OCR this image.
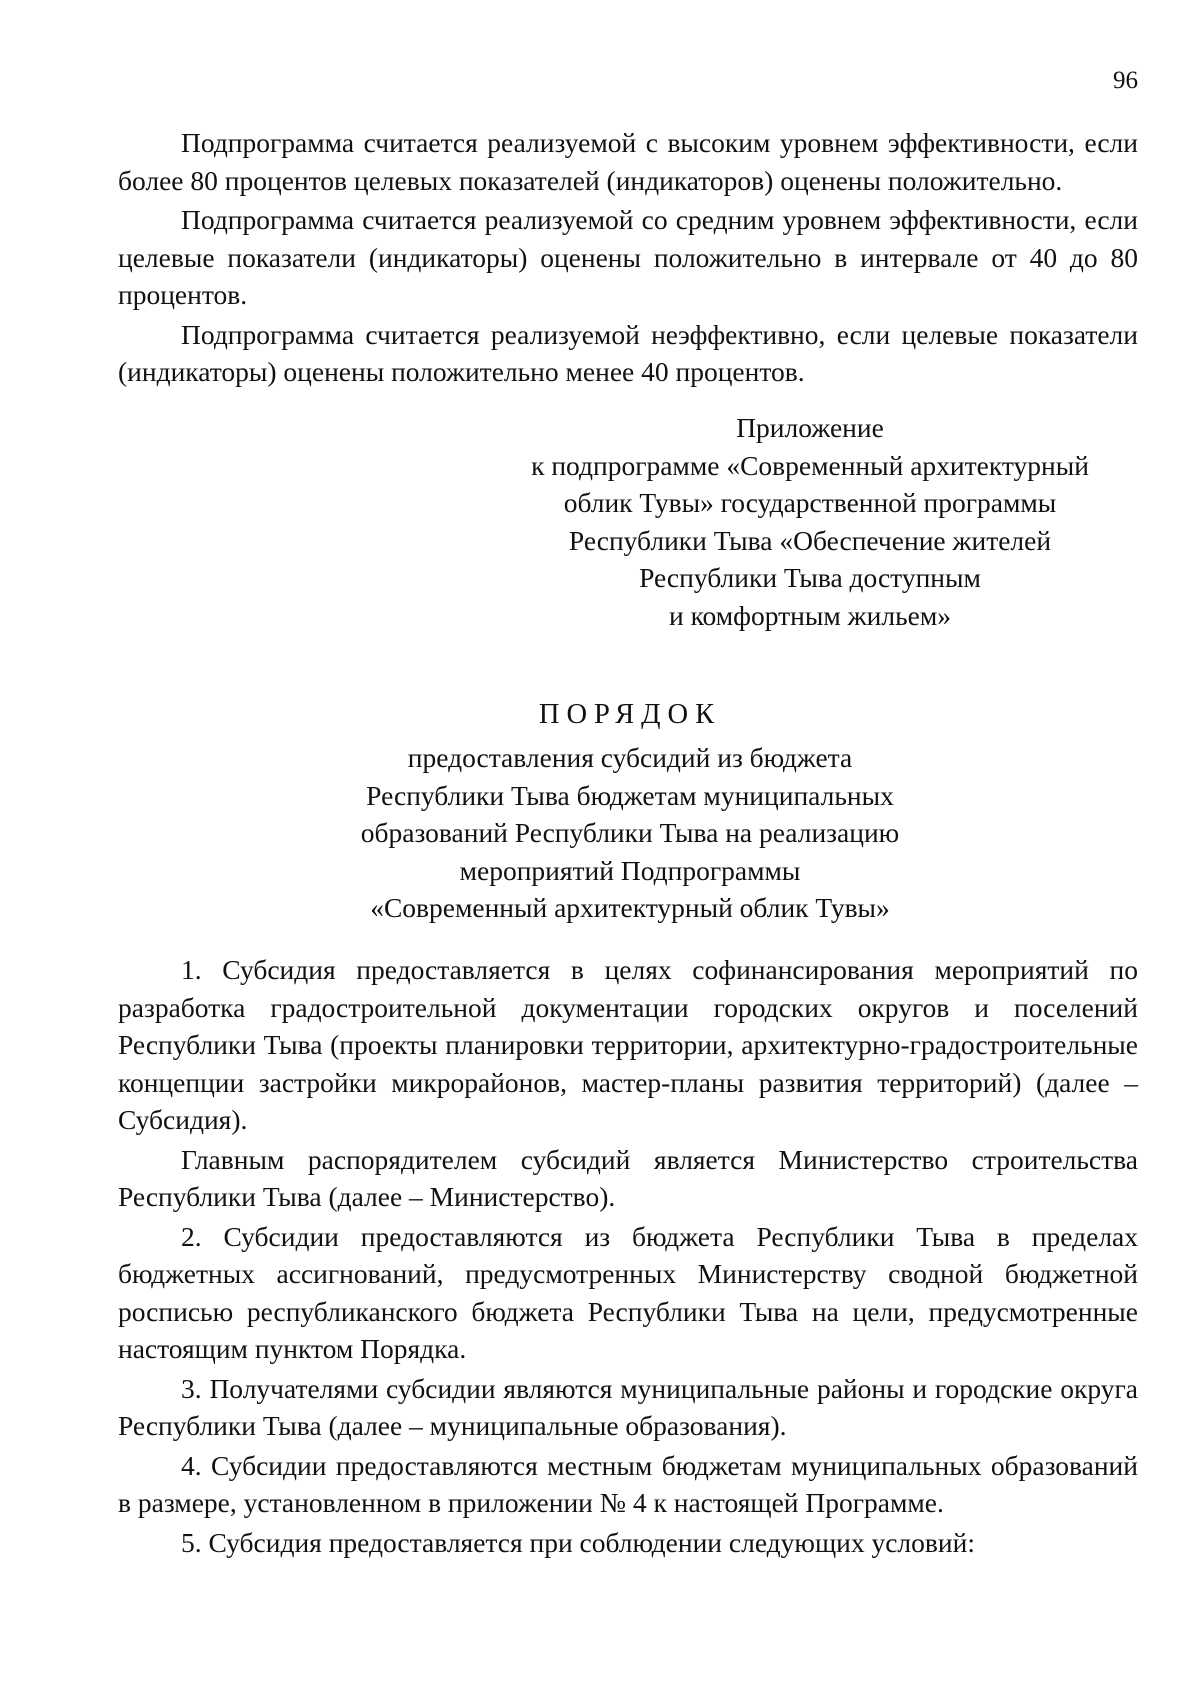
96

Подпрограмма считается реализуемой с высоким уровнем эффективности, если более 80 процентов целевых показателей (индикаторов) оценены положительно.

Подпрограмма считается реализуемой со средним уровнем эффективности, если целевые показатели (индикаторы) оценены положительно в интервале от 40 до 80 процентов.

Подпрограмма считается реализуемой неэффективно, если целевые показатели (индикаторы) оценены положительно менее 40 процентов.

Приложение
к подпрограмме «Современный архитектурный
облик Тувы» государственной программы
Республики Тыва «Обеспечение жителей
Республики Тыва доступным
и комфортным жильем»
ПОРЯДОК
предоставления субсидий из бюджета
Республики Тыва бюджетам муниципальных
образований Республики Тыва на реализацию
мероприятий Подпрограммы
«Современный архитектурный облик Тувы»

1. Субсидия предоставляется в целях софинансирования мероприятий по разработка градостроительной документации городских округов и поселений Республики Тыва (проекты планировки территории, архитектурно-градостроительные концепции застройки микрорайонов, мастер-планы развития территорий) (далее – Субсидия).

Главным распорядителем субсидий является Министерство строительства Республики Тыва (далее – Министерство).

2. Субсидии предоставляются из бюджета Республики Тыва в пределах бюджетных ассигнований, предусмотренных Министерству сводной бюджетной росписью республиканского бюджета Республики Тыва на цели, предусмотренные настоящим пунктом Порядка.

3. Получателями субсидии являются муниципальные районы и городские округа Республики Тыва (далее – муниципальные образования).

4. Субсидии предоставляются местным бюджетам муниципальных образований в размере, установленном в приложении № 4 к настоящей Программе.

5. Субсидия предоставляется при соблюдении следующих условий:
